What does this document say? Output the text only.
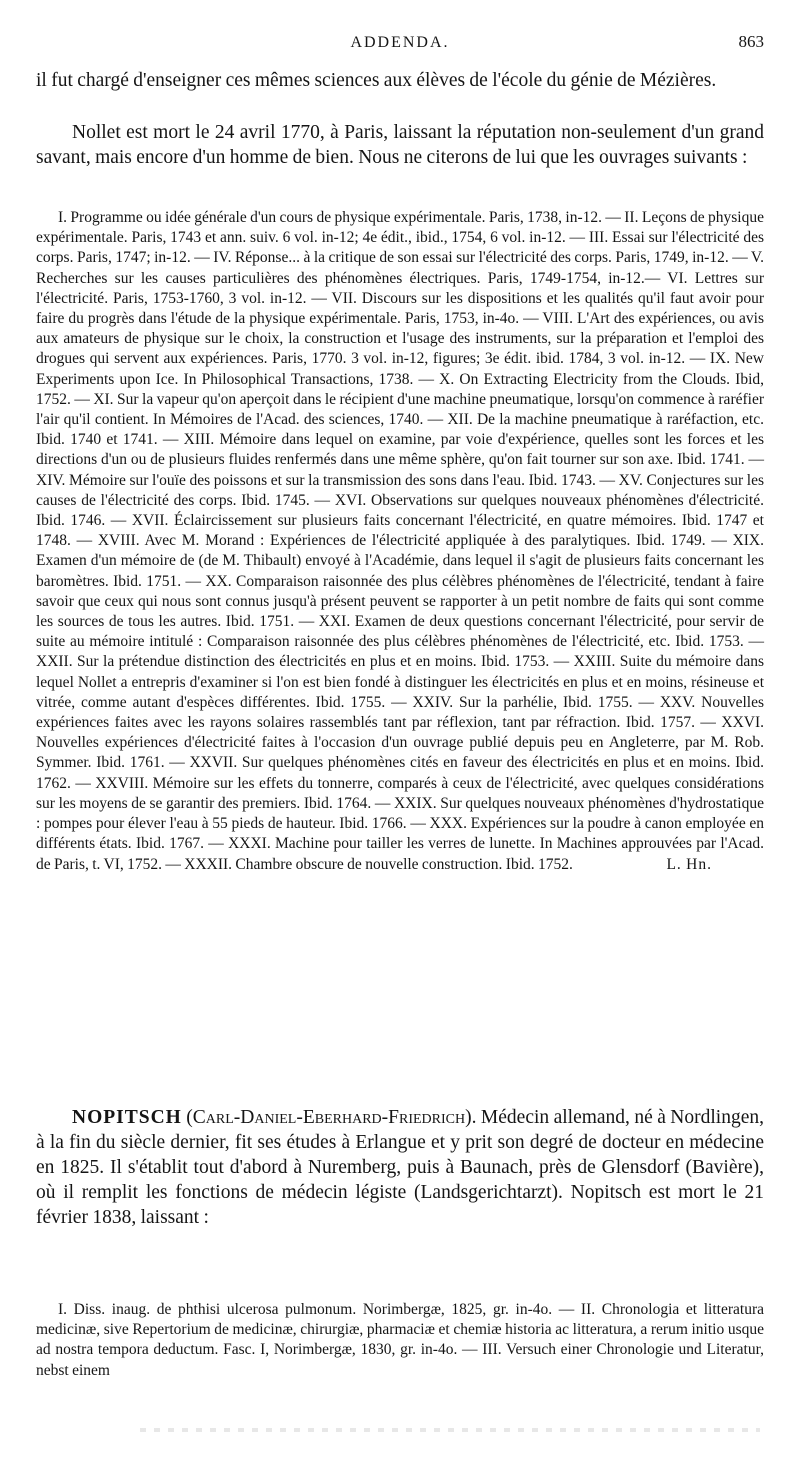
ADDENDA.	863

il fut chargé d'enseigner ces mêmes sciences aux élèves de l'école du génie de Mézières.

Nollet est mort le 24 avril 1770, à Paris, laissant la réputation non-seulement d'un grand savant, mais encore d'un homme de bien. Nous ne citerons de lui que les ouvrages suivants :

I. Programme ou idée générale d'un cours de physique expérimentale. Paris, 1738, in-12. — II. Leçons de physique expérimentale. Paris, 1743 et ann. suiv. 6 vol. in-12; 4e édit., ibid., 1754, 6 vol. in-12. — III. Essai sur l'électricité des corps. Paris, 1747; in-12. — IV. Réponse... à la critique de son essai sur l'électricité des corps. Paris, 1749, in-12. — V. Recherches sur les causes particulières des phénomènes électriques. Paris, 1749-1754, in-12.— VI. Lettres sur l'électricité. Paris, 1753-1760, 3 vol. in-12. — VII. Discours sur les dispositions et les qualités qu'il faut avoir pour faire du progrès dans l'étude de la physique expérimentale. Paris, 1753, in-4o. — VIII. L'Art des expériences, ou avis aux amateurs de physique sur le choix, la construction et l'usage des instruments, sur la préparation et l'emploi des drogues qui servent aux expériences. Paris, 1770. 3 vol. in-12, figures; 3e édit. ibid. 1784, 3 vol. in-12. — IX. New Experiments upon Ice. In Philosophical Transactions, 1738. — X. On Extracting Electricity from the Clouds. Ibid, 1752. — XI. Sur la vapeur qu'on aperçoit dans le récipient d'une machine pneumatique, lorsqu'on commence à raréfier l'air qu'il contient. In Mémoires de l'Acad. des sciences, 1740. — XII. De la machine pneumatique à raréfaction, etc. Ibid. 1740 et 1741. — XIII. Mémoire dans lequel on examine, par voie d'expérience, quelles sont les forces et les directions d'un ou de plusieurs fluides renfermés dans une même sphère, qu'on fait tourner sur son axe. Ibid. 1741. — XIV. Mémoire sur l'ouïe des poissons et sur la transmission des sons dans l'eau. Ibid. 1743. — XV. Conjectures sur les causes de l'électricité des corps. Ibid. 1745. — XVI. Observations sur quelques nouveaux phénomènes d'électricité. Ibid. 1746. — XVII. Éclaircissement sur plusieurs faits concernant l'électricité, en quatre mémoires. Ibid. 1747 et 1748. — XVIII. Avec M. Morand : Expériences de l'électricité appliquée à des paralytiques. Ibid. 1749. — XIX. Examen d'un mémoire de (de M. Thibault) envoyé à l'Académie, dans lequel il s'agit de plusieurs faits concernant les baromètres. Ibid. 1751. — XX. Comparaison raisonnée des plus célèbres phénomènes de l'électricité, tendant à faire savoir que ceux qui nous sont connus jusqu'à présent peuvent se rapporter à un petit nombre de faits qui sont comme les sources de tous les autres. Ibid. 1751. — XXI. Examen de deux questions concernant l'électricité, pour servir de suite au mémoire intitulé : Comparaison raisonnée des plus célèbres phénomènes de l'électricité, etc. Ibid. 1753. — XXII. Sur la prétendue distinction des électricités en plus et en moins. Ibid. 1753. — XXIII. Suite du mémoire dans lequel Nollet a entrepris d'examiner si l'on est bien fondé à distinguer les électricités en plus et en moins, résineuse et vitrée, comme autant d'espèces différentes. Ibid. 1755. — XXIV. Sur la parhélie, Ibid. 1755. — XXV. Nouvelles expériences faites avec les rayons solaires rassemblés tant par réflexion, tant par réfraction. Ibid. 1757. — XXVI. Nouvelles expériences d'électricité faites à l'occasion d'un ouvrage publié depuis peu en Angleterre, par M. Rob. Symmer. Ibid. 1761. — XXVII. Sur quelques phénomènes cités en faveur des électricités en plus et en moins. Ibid. 1762. — XXVIII. Mémoire sur les effets du tonnerre, comparés à ceux de l'électricité, avec quelques considérations sur les moyens de se garantir des premiers. Ibid. 1764. — XXIX. Sur quelques nouveaux phénomènes d'hydrostatique : pompes pour élever l'eau à 55 pieds de hauteur. Ibid. 1766. — XXX. Expériences sur la poudre à canon employée en différents états. Ibid. 1767. — XXXI. Machine pour tailler les verres de lunette. In Machines approuvées par l'Acad. de Paris, t. VI, 1752. — XXXII. Chambre obscure de nouvelle construction. Ibid. 1752.	L. Hn.

NOPITSCH (Carl-Daniel-Eberhard-Friedrich). Médecin allemand, né à Nordlingen, à la fin du siècle dernier, fit ses études à Erlangue et y prit son degré de docteur en médecine en 1825. Il s'établit tout d'abord à Nuremberg, puis à Baunach, près de Glensdorf (Bavière), où il remplit les fonctions de médecin légiste (Landsgerichtarzt). Nopitsch est mort le 21 février 1838, laissant :

I. Diss. inaug. de phthisi ulcerosa pulmonum. Norimbergæ, 1825, gr. in-4o. — II. Chronologia et litteratura medicinæ, sive Repertorium de medicinæ, chirurgiæ, pharmaciæ et chemiæ historia ac litteratura, a rerum initio usque ad nostra tempora deductum. Fasc. I, Norimbergæ, 1830, gr. in-4o. — III. Versuch einer Chronologie und Literatur, nebst einem
